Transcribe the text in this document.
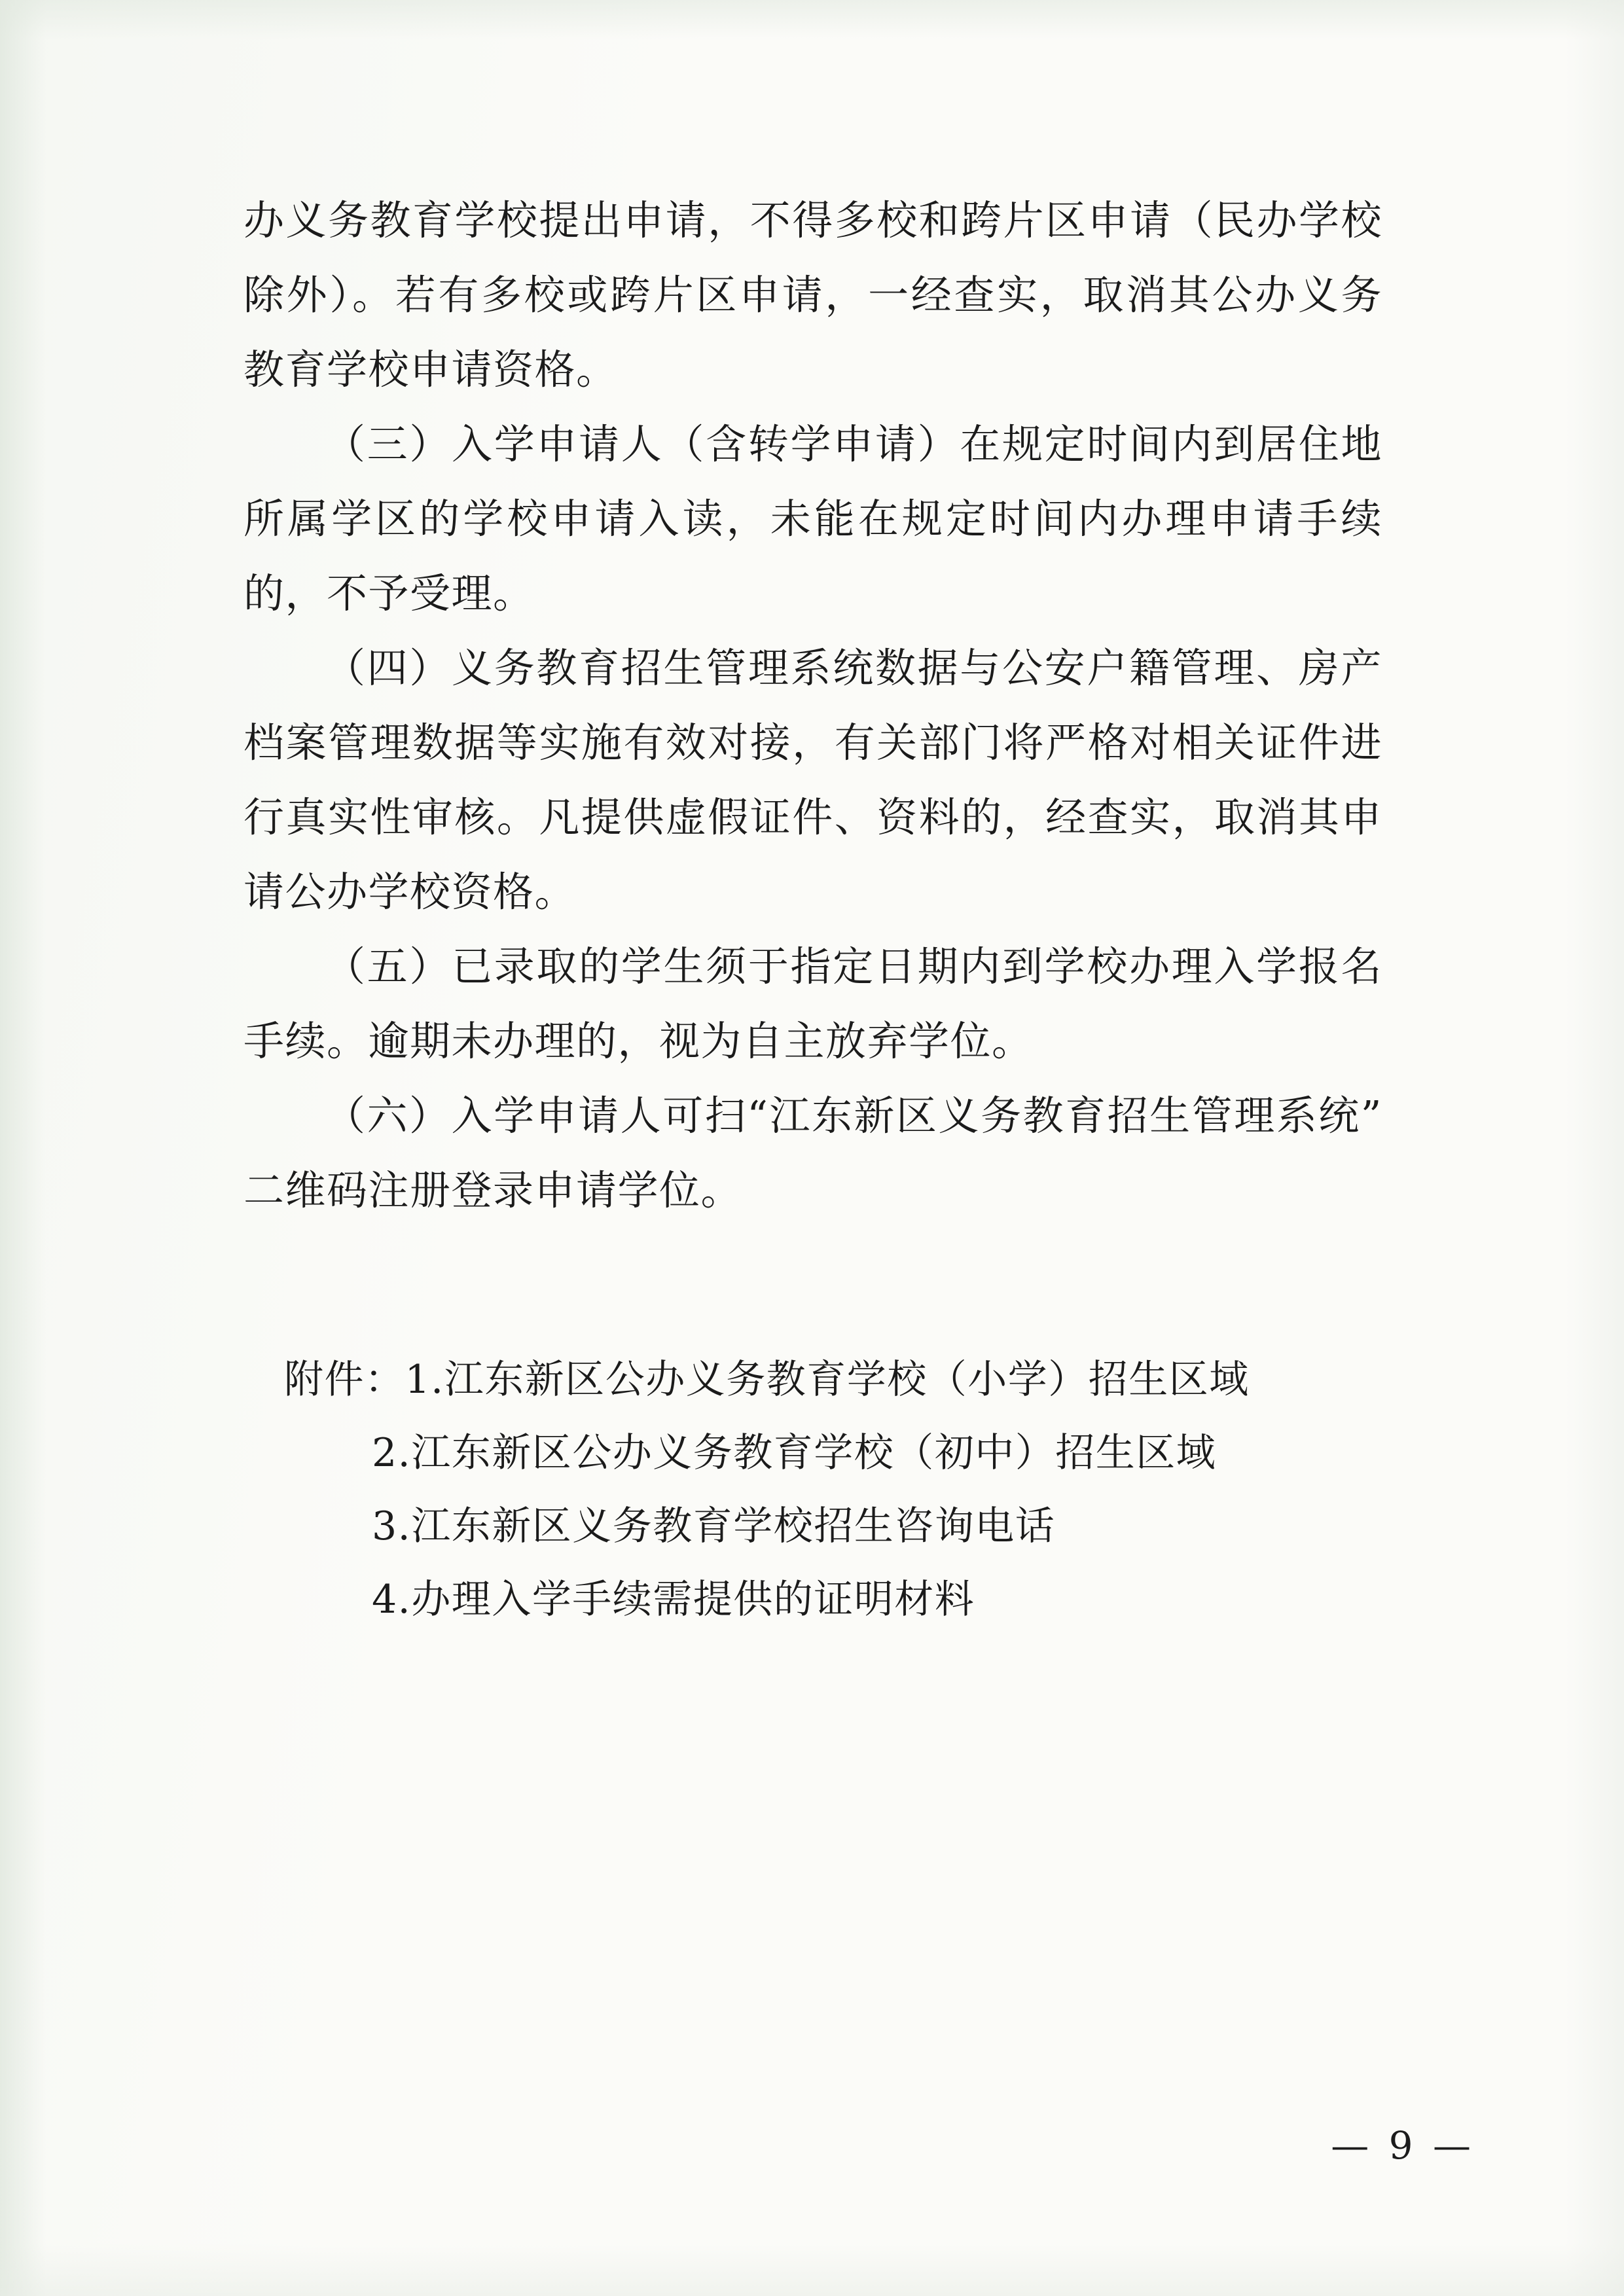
办义务教育学校提出申请，不得多校和跨片区申请（民办学校除外）。若有多校或跨片区申请，一经查实，取消其公办义务教育学校申请资格。

（三）入学申请人（含转学申请）在规定时间内到居住地所属学区的学校申请入读，未能在规定时间内办理申请手续的，不予受理。

（四）义务教育招生管理系统数据与公安户籍管理、房产档案管理数据等实施有效对接，有关部门将严格对相关证件进行真实性审核。凡提供虚假证件、资料的，经查实，取消其申请公办学校资格。

（五）已录取的学生须于指定日期内到学校办理入学报名手续。逾期未办理的，视为自主放弃学位。

（六）入学申请人可扫“江东新区义务教育招生管理系统”二维码注册登录申请学位。

附件：1.江东新区公办义务教育学校（小学）招生区域
2.江东新区公办义务教育学校（初中）招生区域
3.江东新区义务教育学校招生咨询电话
4.办理入学手续需提供的证明材料
— 9 —
